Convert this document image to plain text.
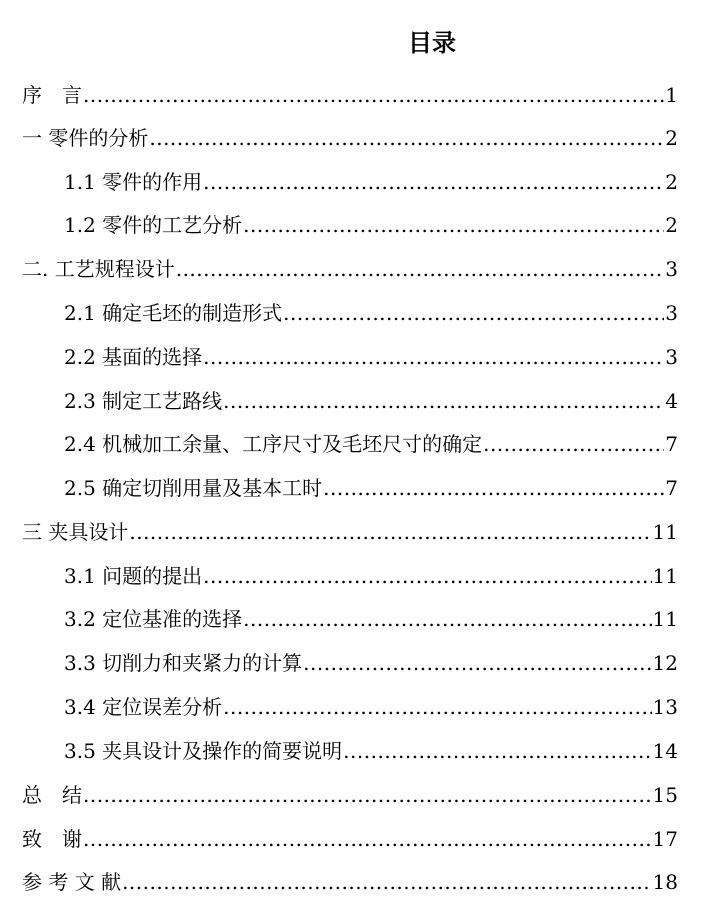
目录
序　言 .....	1
一 零件的分析 .....	2
1.1 零件的作用 .....	2
1.2 零件的工艺分析 .....	2
二. 工艺规程设计 .....	3
2.1 确定毛坯的制造形式 .....	3
2.2 基面的选择 .....	3
2.3 制定工艺路线 .....	4
2.4 机械加工余量、工序尺寸及毛坯尺寸的确定 .....	7
2.5 确定切削用量及基本工时 .....	7
三 夹具设计 .....	11
3.1 问题的提出 .....	11
3.2 定位基准的选择 .....	11
3.3 切削力和夹紧力的计算 .....	12
3.4 定位误差分析 .....	13
3.5 夹具设计及操作的简要说明 .....	14
总　结 .....	15
致　谢 .....	17
参 考 文 献 .....	18
